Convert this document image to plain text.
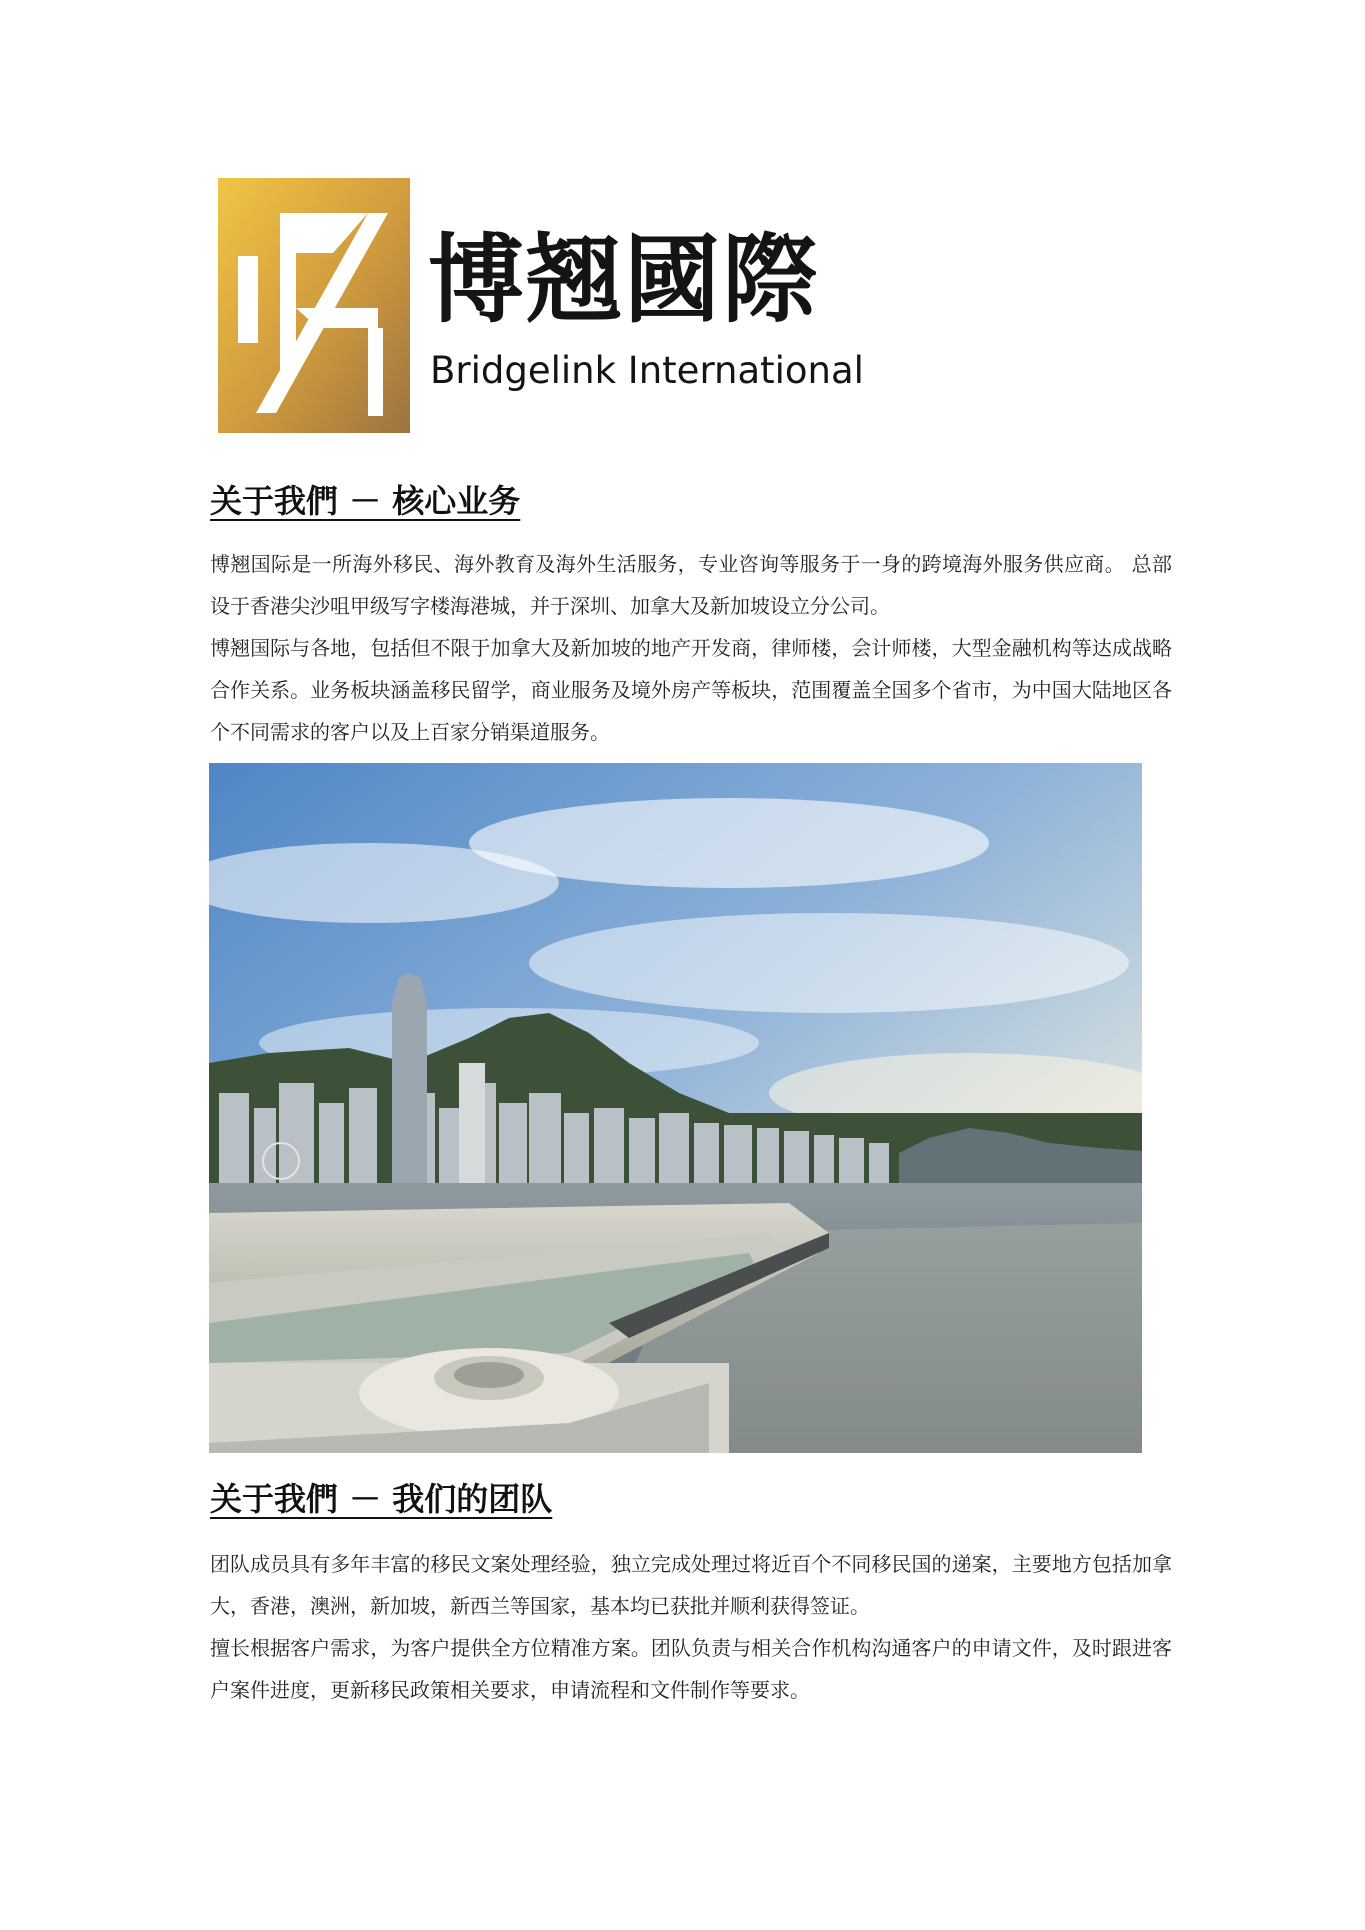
博翘國際
Bridgelink International
关于我們 － 核心业务

博翘国际是一所海外移民、海外教育及海外生活服务，专业咨询等服务于一身的跨境海外服务供应商。 总部设于香港尖沙咀甲级写字楼海港城，并于深圳、加拿大及新加坡设立分公司。

博翘国际与各地，包括但不限于加拿大及新加坡的地产开发商，律师楼，会计师楼，大型金融机构等达成战略合作关系。业务板块涵盖移民留学，商业服务及境外房产等板块，范围覆盖全国多个省市，为中国大陆地区各个不同需求的客户以及上百家分销渠道服务。

关于我們 － 我们的团队

团队成员具有多年丰富的移民文案处理经验，独立完成处理过将近百个不同移民国的递案，主要地方包括加拿大，香港，澳洲，新加坡，新西兰等国家，基本均已获批并顺利获得签证。

擅长根据客户需求，为客户提供全方位精准方案。团队负责与相关合作机构沟通客户的申请文件，及时跟进客户案件进度，更新移民政策相关要求，申请流程和文件制作等要求。
